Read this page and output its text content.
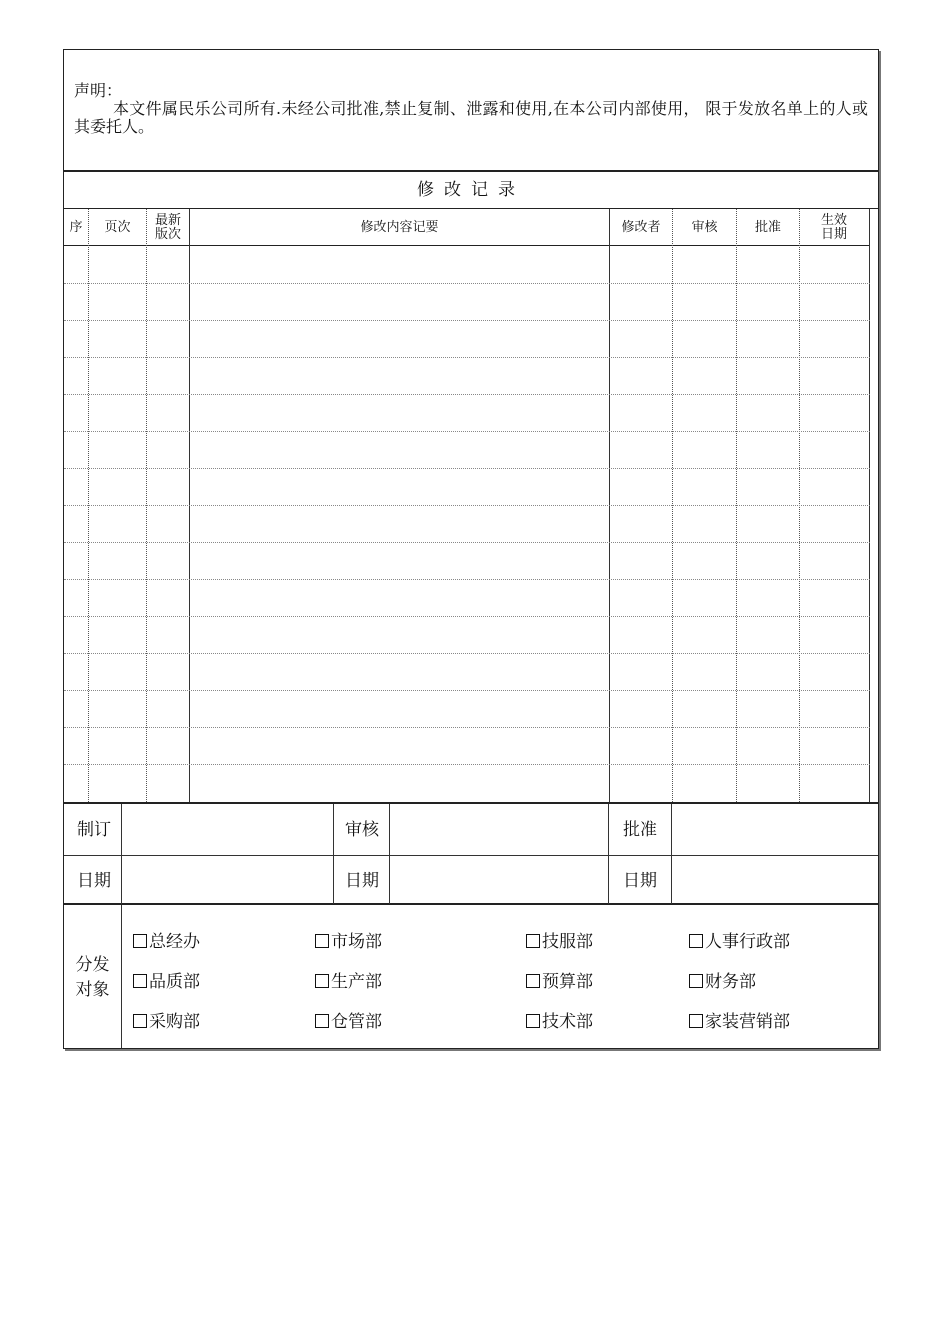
声明：
本文件属民乐公司所有.未经公司批准,禁止复制、泄露和使用,在本公司内部使用， 限于发放名单上的人或其委托人。
修改记录
序	页次	最新版次	修改内容记要	修改者	审核	批准	生效日期
制订	审核	批准
日期	日期	日期
分发对象
总经办	市场部	技服部	人事行政部
品质部	生产部	预算部	财务部
采购部	仓管部	技术部	家装营销部
